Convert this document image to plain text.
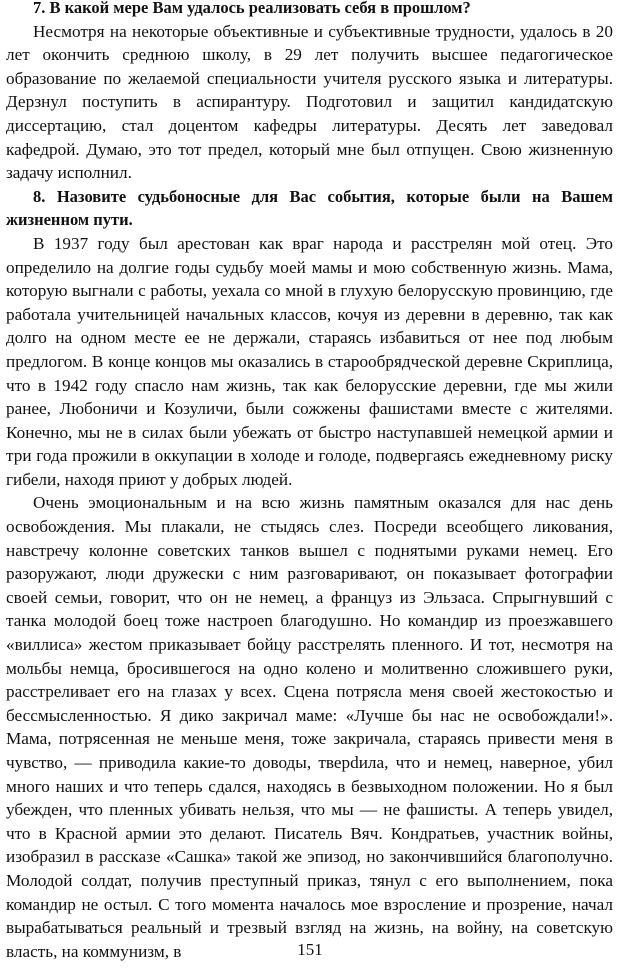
7. В какой мере Вам удалось реализовать себя в прошлом?

Несмотря на некоторые объективные и субъективные трудности, удалось в 20 лет окончить среднюю школу, в 29 лет получить высшее педагогическое образование по желаемой специальности учителя русского языка и литературы. Дерзнул поступить в аспирантуру. Подготовил и защитил кандидатскую диссертацию, стал доцентом кафедры литературы. Десять лет заведовал кафедрой. Думаю, это тот предел, который мне был отпущен. Свою жизненную задачу исполнил.

8. Назовите судьбоносные для Вас события, которые были на Вашем жизненном пути.

В 1937 году был арестован как враг народа и расстрелян мой отец. Это определило на долгие годы судьбу моей мамы и мою собственную жизнь. Мама, которую выгнали с работы, уехала со мной в глухую белорусскую провинцию, где работала учительницей начальных классов, кочуя из деревни в деревню, так как долго на одном месте ее не держали, стараясь избавиться от нее под любым предлогом. В конце концов мы оказались в старообрядческой деревне Скриплица, что в 1942 году спасло нам жизнь, так как белорусские деревни, где мы жили ранее, Любоничи и Козуличи, были сожжены фашистами вместе с жителями. Конечно, мы не в силах были убежать от быстро наступавшей немецкой армии и три года прожили в оккупации в холоде и голоде, подвергаясь ежедневному риску гибели, находя приют у добрых людей.

Очень эмоциональным и на всю жизнь памятным оказался для нас день освобождения. Мы плакали, не стыдясь слез. Посреди всеобщего ликования, навстречу колонне советских танков вышел с поднятыми руками немец. Его разоружают, люди дружески с ним разговаривают, он показывает фотографии своей семьи, говорит, что он не немец, а француз из Эльзаса. Спрыгнувший с танка молодой боец тоже настроen благодушно. Но командир из проезжавшего «виллиса» жестом приказывает бойцу расстрелять пленного. И тот, несмотря на мольбы немца, бросившегося на одно колено и молитвенно сложившего руки, расстреливает его на глазах у всех. Сцена потрясла меня своей жестокостью и бессмысленностью. Я дико закричал маме: «Лучше бы нас не освобождали!». Мама, потрясенная не меньше меня, тоже закричала, стараясь привести меня в чувство, — приводила какие-то доводы, тверdила, что и немец, наверное, убил много наших и что теперь сдался, находясь в безвыходном положении. Но я был убежден, что пленных убивать нельзя, что мы — не фашисты. А теперь увидел, что в Красной армии это делают. Писатель Вяч. Кондратьев, участник войны, изобразил в рассказе «Сашка» такой же эпизод, но закончившийся благополучно. Молодой солдат, получив преступный приказ, тянул с его выполнением, пока командир не остыл. С того момента началось мое взросление и прозрение, начал вырабатываться реальный и трезвый взгляд на жизнь, на войну, на советскую власть, на коммунизм, в	151
